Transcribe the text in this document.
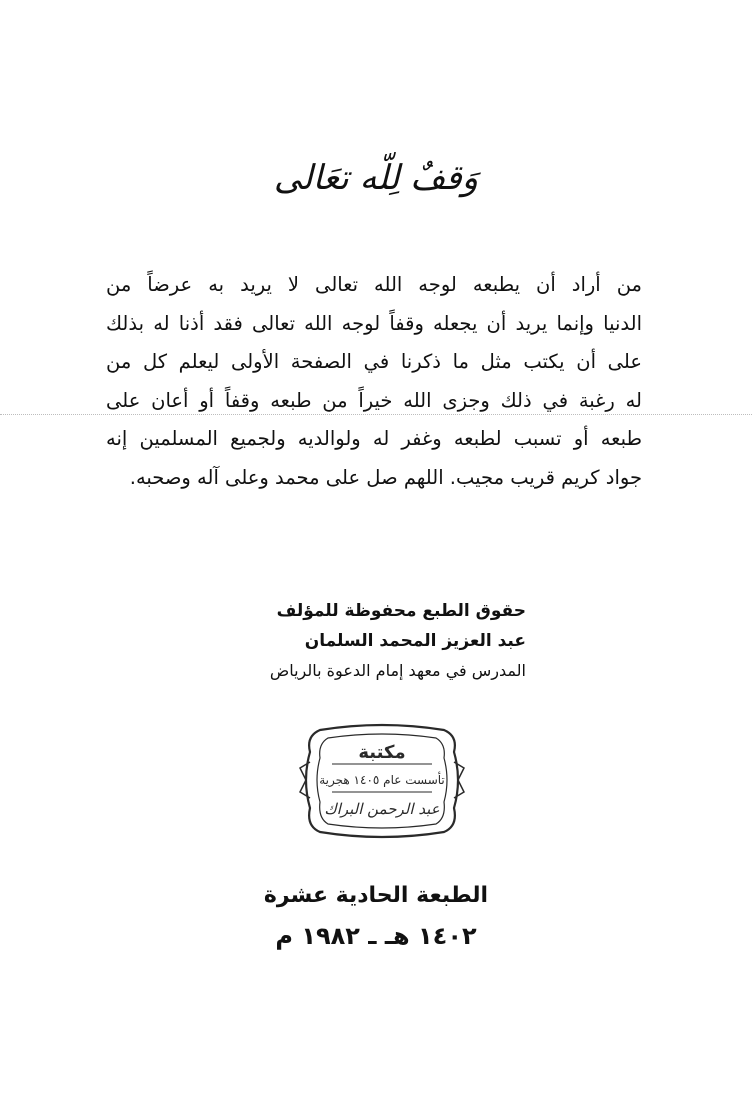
وَقفٌ لِلّه تعَالى
من أراد أن يطبعه لوجه الله تعالى لا يريد به عرضاً من
الدنيا وإنما يريد أن يجعله وقفاً لوجه الله تعالى فقد أذنا له بذلك
على أن يكتب مثل ما ذكرنا في الصفحة الأولى ليعلم كل من
له رغبة في ذلك وجزى الله خيراً من طبعه وقفاً أو أعان على
طبعه أو تسبب لطبعه وغفر له ولوالديه ولجميع المسلمين إنه
جواد كريم قريب مجيب. اللهم صل على محمد وعلى آله وصحبه.
حقوق الطبع محفوظة للمؤلف
عبد العزيز المحمد السلمان
المدرس في معهد إمام الدعوة بالرياض
مكتبة
تأسست عام ١٤٠٥ هجرية
عبد الرحمن البراك
الطبعة الحادية عشرة
١٤٠٢ هـ ـ ١٩٨٢ م
